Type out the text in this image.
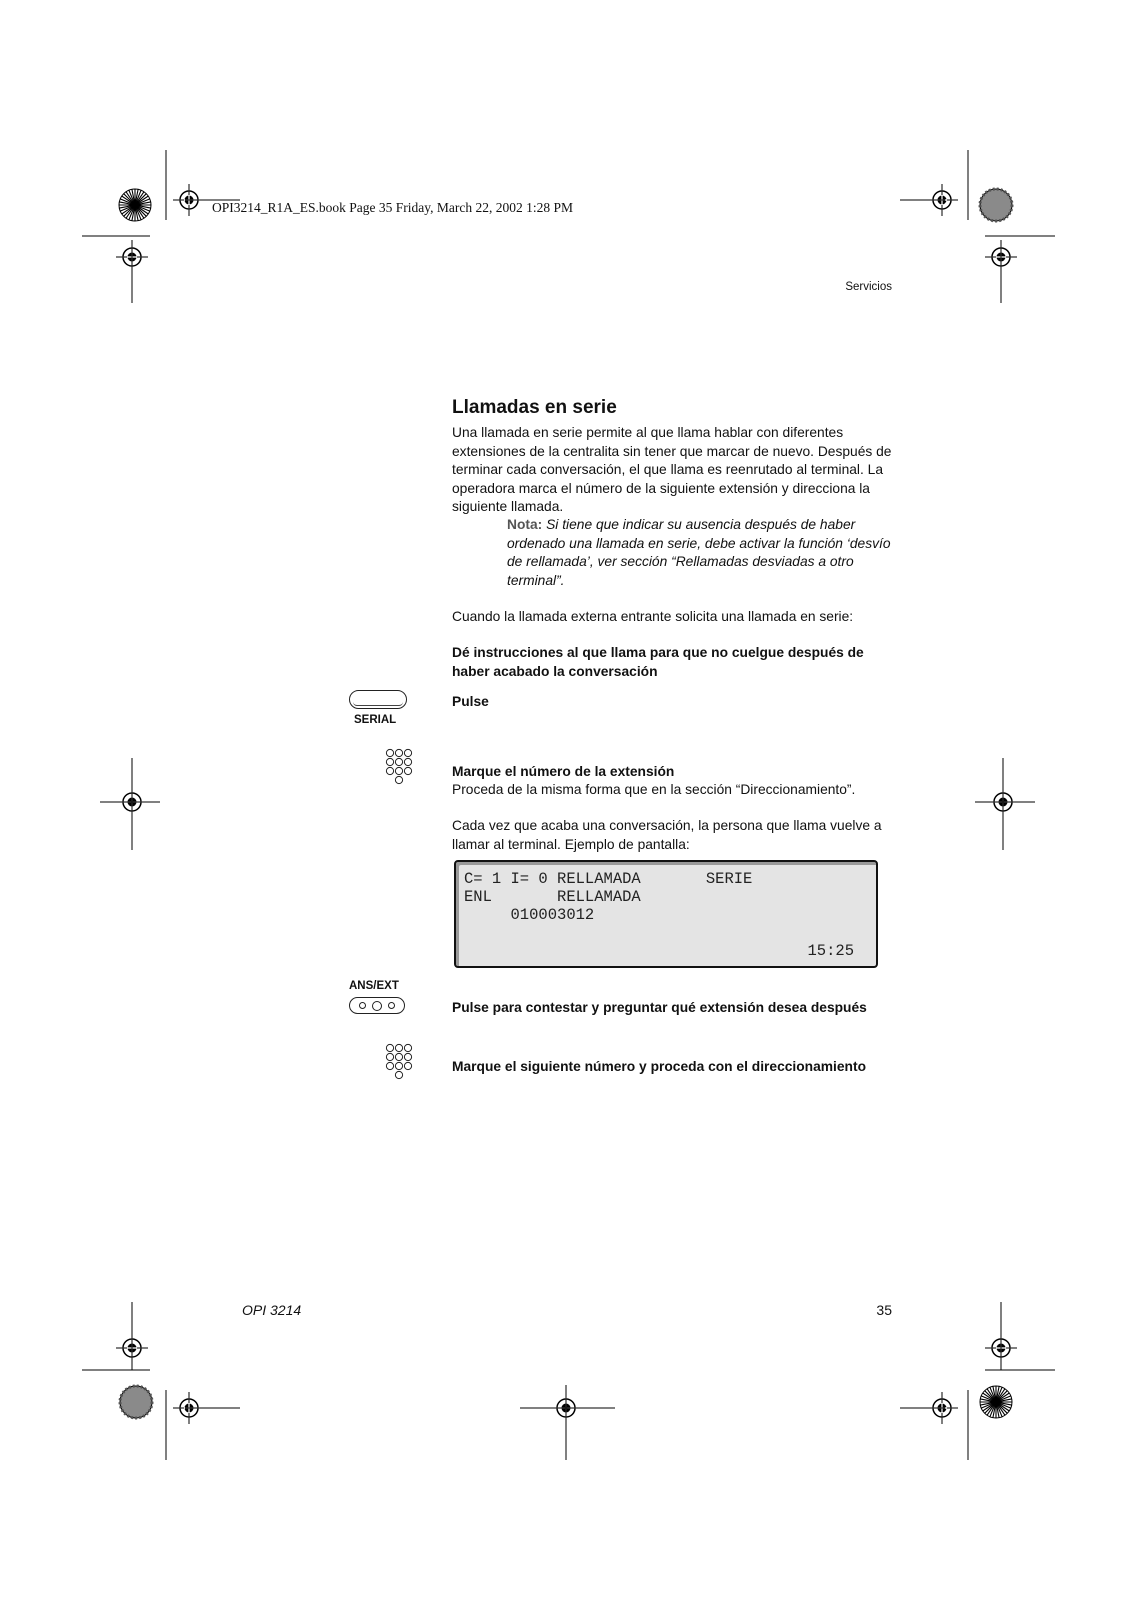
OPI3214_R1A_ES.book Page 35 Friday, March 22, 2002 1:28 PM
Servicios
Llamadas en serie
Una llamada en serie permite al que llama hablar con diferentes extensiones de la centralita sin tener que marcar de nuevo. Después de terminar cada conversación, el que llama es reenrutado al terminal. La operadora marca el número de la siguiente extensión y direcciona la siguiente llamada.
Nota: Si tiene que indicar su ausencia después de haber ordenado una llamada en serie, debe activar la función ‘desvío de rellamada’, ver sección “Rellamadas desviadas a otro terminal”.
Cuando la llamada externa entrante solicita una llamada en serie:
Dé instrucciones al que llama para que no cuelgue después de haber acabado la conversación
SERIAL
Pulse
Marque el número de la extensión
Proceda de la misma forma que en la sección “Direccionamiento”.
Cada vez que acaba una conversación, la persona que llama vuelve a llamar al terminal. Ejemplo de pantalla:
C= 1 I= 0 RELLAMADA       SERIE
ENL       RELLAMADA
010003012
15:25
ANS/EXT
Pulse para contestar y preguntar qué extensión desea después
Marque el siguiente número y proceda con el direccionamiento
OPI 3214	35
